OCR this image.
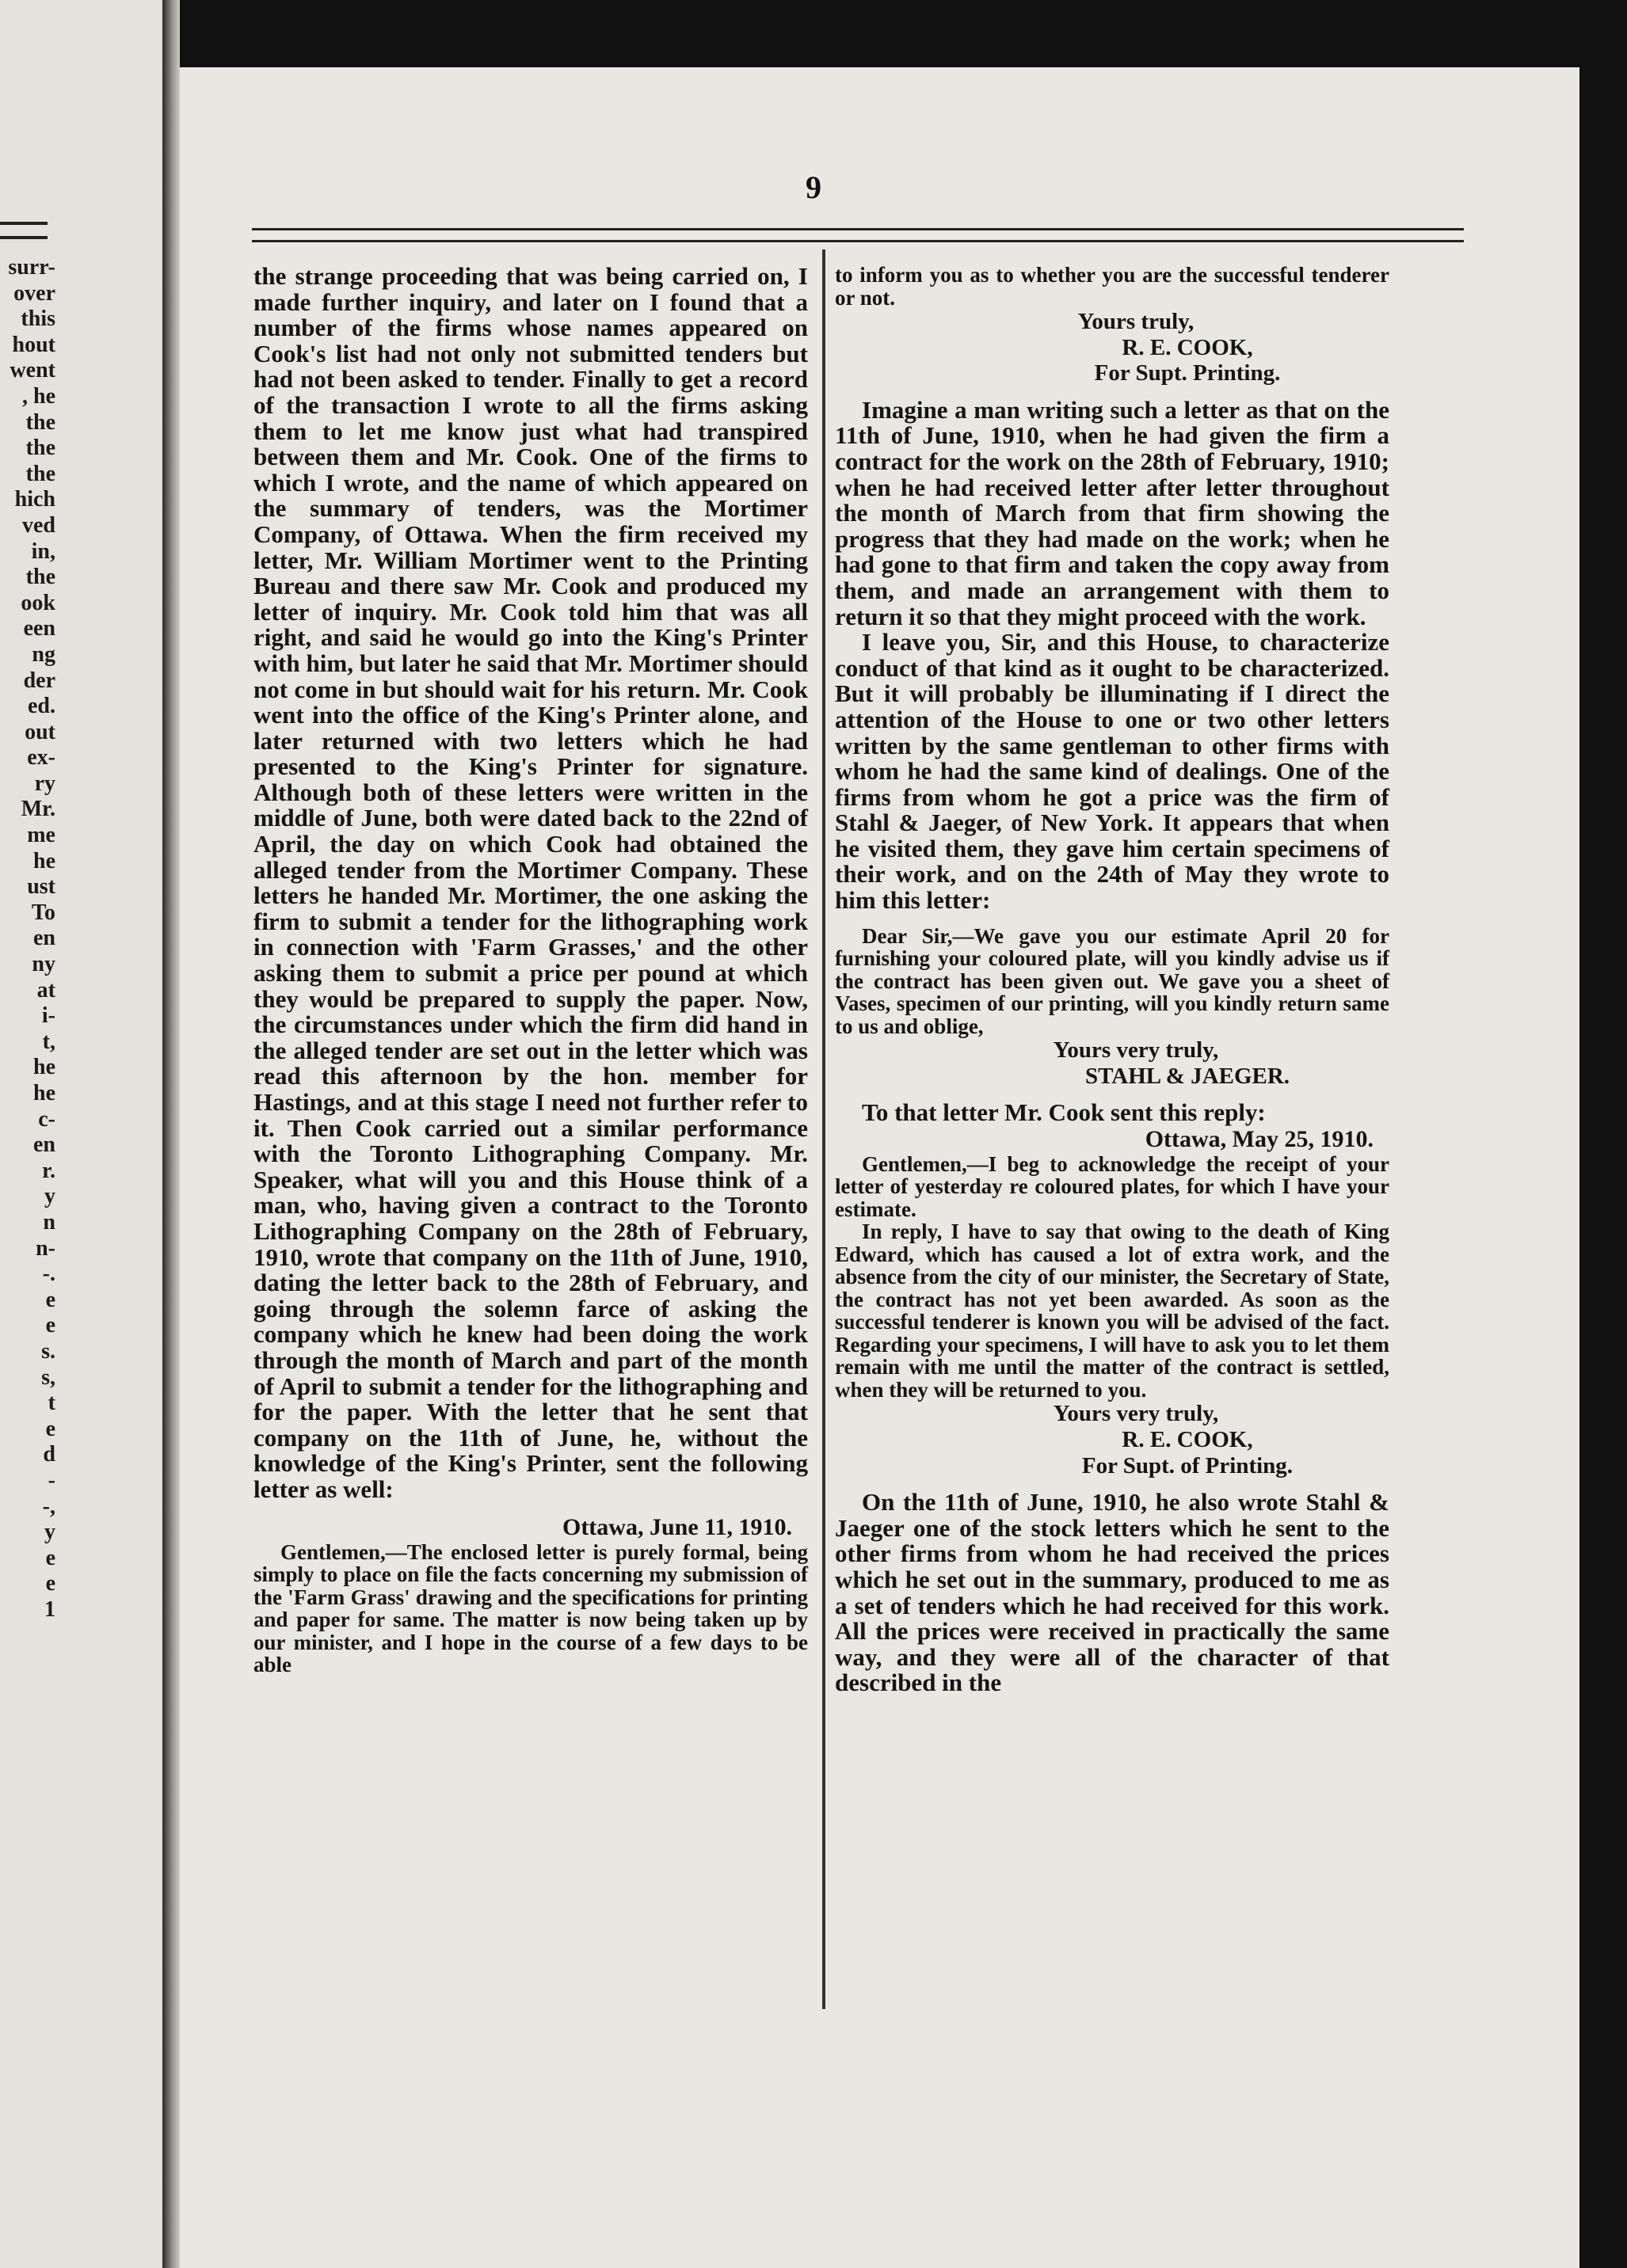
surr-
over
this
hout
went
, he
the
the
the
hich
ved
in,
the
ook
een
ng
der
ed.
out
ex-
ry
Mr.
me
he
ust
To
en
ny
at
i-
t,
he
he
c-
en
r.
y
n
n-
-.
e
e
s.
s,
t
e
d
-
-,
y
e
e
1
9

the strange proceeding that was being carried on, I made further inquiry, and later on I found that a number of the firms whose names appeared on Cook's list had not only not submitted tenders but had not been asked to tender. Finally to get a record of the transaction I wrote to all the firms asking them to let me know just what had transpired between them and Mr. Cook. One of the firms to which I wrote, and the name of which appeared on the summary of tenders, was the Mortimer Company, of Ottawa. When the firm received my letter, Mr. William Mortimer went to the Printing Bureau and there saw Mr. Cook and produced my letter of inquiry. Mr. Cook told him that was all right, and said he would go into the King's Printer with him, but later he said that Mr. Mortimer should not come in but should wait for his return. Mr. Cook went into the office of the King's Printer alone, and later returned with two letters which he had presented to the King's Printer for signature. Although both of these letters were written in the middle of June, both were dated back to the 22nd of April, the day on which Cook had obtained the alleged tender from the Mortimer Company. These letters he handed Mr. Mortimer, the one asking the firm to submit a tender for the lithographing work in connection with 'Farm Grasses,' and the other asking them to submit a price per pound at which they would be prepared to supply the paper. Now, the circumstances under which the firm did hand in the alleged tender are set out in the letter which was read this afternoon by the hon. member for Hastings, and at this stage I need not further refer to it. Then Cook carried out a similar performance with the Toronto Lithographing Company. Mr. Speaker, what will you and this House think of a man, who, having given a contract to the Toronto Lithographing Company on the 28th of February, 1910, wrote that company on the 11th of June, 1910, dating the letter back to the 28th of February, and going through the solemn farce of asking the company which he knew had been doing the work through the month of March and part of the month of April to submit a tender for the lithographing and for the paper. With the letter that he sent that company on the 11th of June, he, without the knowledge of the King's Printer, sent the following letter as well:

Ottawa, June 11, 1910.

Gentlemen,—The enclosed letter is purely formal, being simply to place on file the facts concerning my submission of the 'Farm Grass' drawing and the specifications for printing and paper for same. The matter is now being taken up by our minister, and I hope in the course of a few days to be able

to inform you as to whether you are the successful tenderer or not.

Yours truly,

R. E. COOK,

For Supt. Printing.

Imagine a man writing such a letter as that on the 11th of June, 1910, when he had given the firm a contract for the work on the 28th of February, 1910; when he had received letter after letter throughout the month of March from that firm showing the progress that they had made on the work; when he had gone to that firm and taken the copy away from them, and made an arrangement with them to return it so that they might proceed with the work.

I leave you, Sir, and this House, to characterize conduct of that kind as it ought to be characterized. But it will probably be illuminating if I direct the attention of the House to one or two other letters written by the same gentleman to other firms with whom he had the same kind of dealings. One of the firms from whom he got a price was the firm of Stahl & Jaeger, of New York. It appears that when he visited them, they gave him certain specimens of their work, and on the 24th of May they wrote to him this letter:

Dear Sir,—We gave you our estimate April 20 for furnishing your coloured plate, will you kindly advise us if the contract has been given out. We gave you a sheet of Vases, specimen of our printing, will you kindly return same to us and oblige,

Yours very truly,

STAHL & JAEGER.

To that letter Mr. Cook sent this reply:

Ottawa, May 25, 1910.

Gentlemen,—I beg to acknowledge the receipt of your letter of yesterday re coloured plates, for which I have your estimate.

In reply, I have to say that owing to the death of King Edward, which has caused a lot of extra work, and the absence from the city of our minister, the Secretary of State, the contract has not yet been awarded. As soon as the successful tenderer is known you will be advised of the fact. Regarding your specimens, I will have to ask you to let them remain with me until the matter of the contract is settled, when they will be returned to you.

Yours very truly,

R. E. COOK,

For Supt. of Printing.

On the 11th of June, 1910, he also wrote Stahl & Jaeger one of the stock letters which he sent to the other firms from whom he had received the prices which he set out in the summary, produced to me as a set of tenders which he had received for this work. All the prices were received in practically the same way, and they were all of the character of that described in the
